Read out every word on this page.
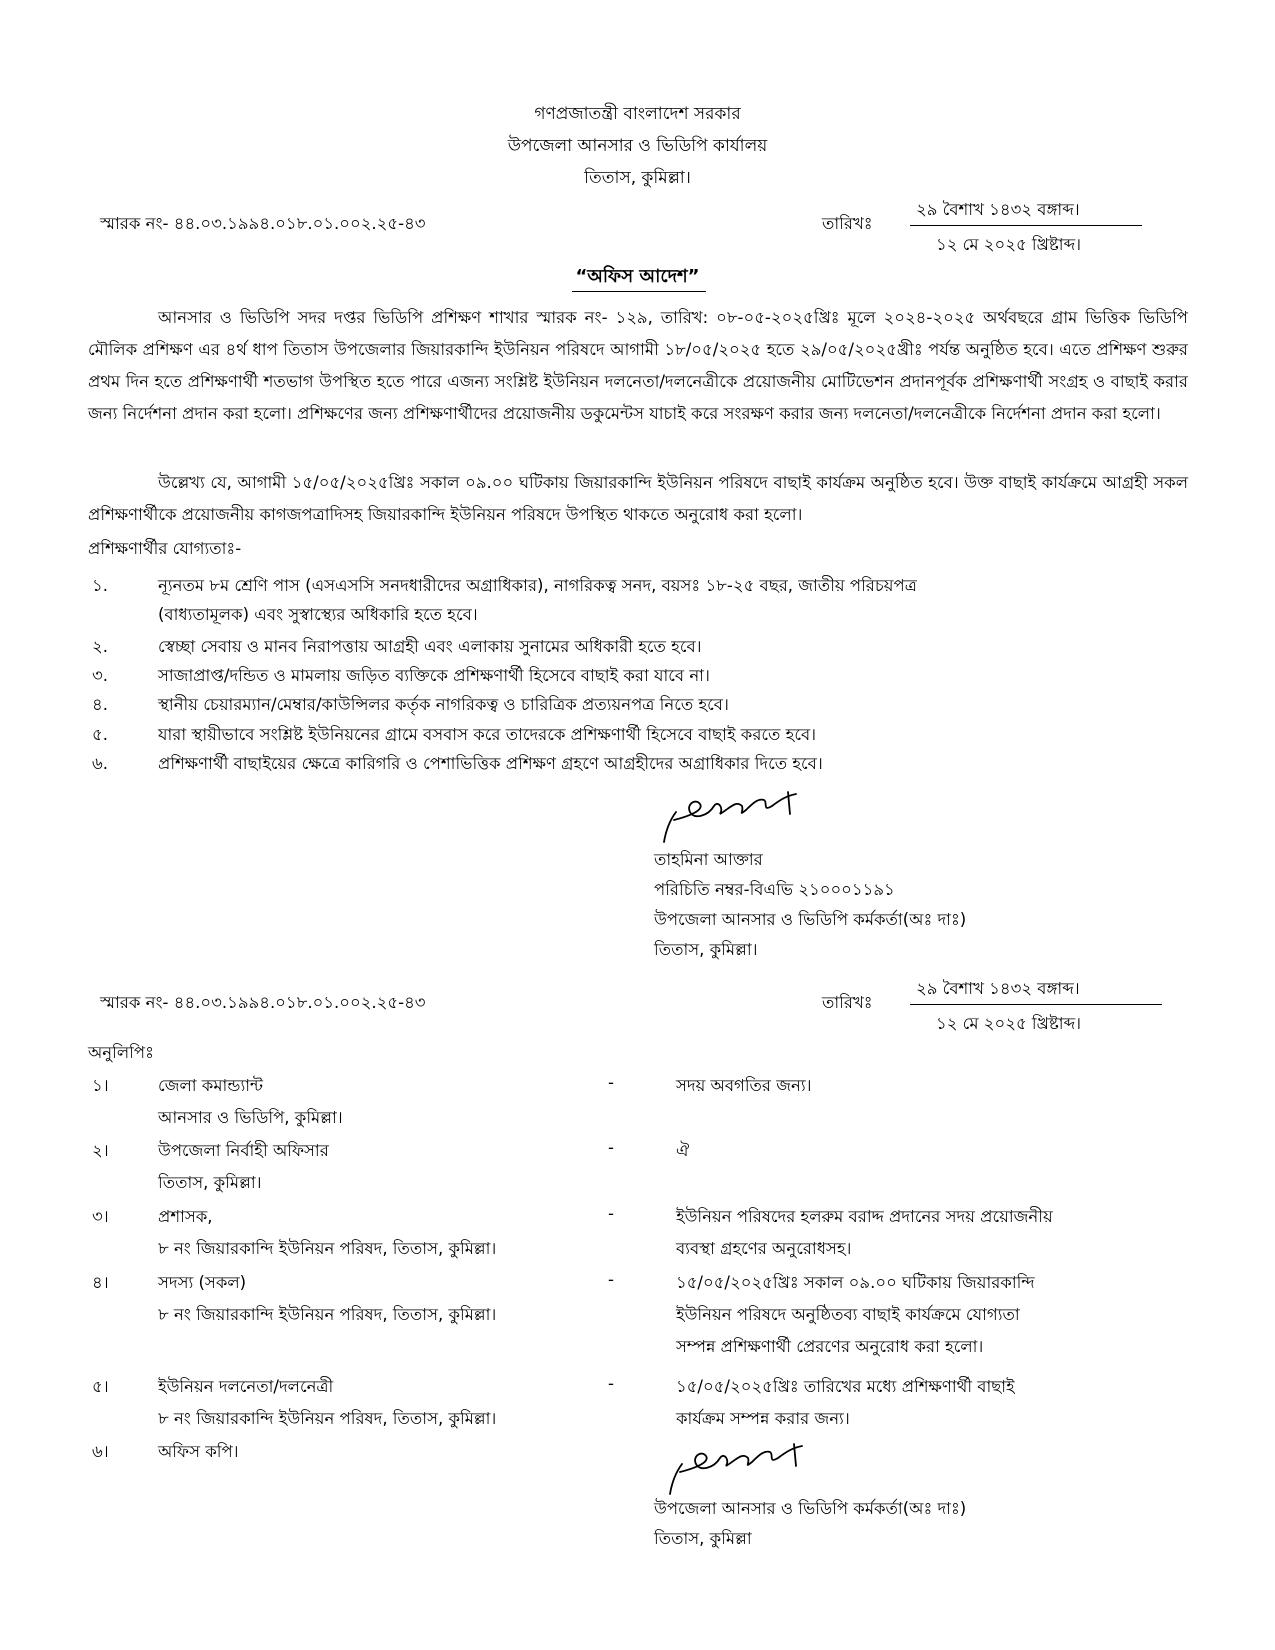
গণপ্রজাতন্ত্রী বাংলাদেশ সরকার
উপজেলা আনসার ও ভিডিপি কার্যালয়
তিতাস, কুমিল্লা।
স্মারক নং- ৪৪.০৩.১৯৯৪.০১৮.০১.০০২.২৫-৪৩	তারিখঃ
২৯ বৈশাখ ১৪৩২ বঙ্গাব্দ।
১২ মে ২০২৫ খ্রিষ্টাব্দ।
“অফিস আদেশ”
আনসার ও ভিডিপি সদর দপ্তর ভিডিপি প্রশিক্ষণ শাখার স্মারক নং- ১২৯, তারিখ: ০৮-০৫-২০২৫খ্রিঃ মূলে ২০২৪-২০২৫ অর্থবছরে গ্রাম ভিত্তিক ভিডিপি মৌলিক প্রশিক্ষণ এর ৪র্থ ধাপ তিতাস উপজেলার জিয়ারকান্দি ইউনিয়ন পরিষদে আগামী ১৮/০৫/২০২৫ হতে ২৯/০৫/২০২৫খ্রীঃ পর্যন্ত অনুষ্ঠিত হবে। এতে প্রশিক্ষণ শুরুর প্রথম দিন হতে প্রশিক্ষণার্থী শতভাগ উপস্থিত হতে পারে এজন্য সংশ্লিষ্ট ইউনিয়ন দলনেতা/দলনেত্রীকে প্রয়োজনীয় মোটিভেশন প্রদানপূর্বক প্রশিক্ষণার্থী সংগ্রহ ও বাছাই করার জন্য নির্দেশনা প্রদান করা হলো। প্রশিক্ষণের জন্য প্রশিক্ষণার্থীদের প্রয়োজনীয় ডকুমেন্টস যাচাই করে সংরক্ষণ করার জন্য দলনেতা/দলনেত্রীকে নির্দেশনা প্রদান করা হলো।
উল্লেখ্য যে, আগামী ১৫/০৫/২০২৫খ্রিঃ সকাল ০৯.০০ ঘটিকায় জিয়ারকান্দি ইউনিয়ন পরিষদে বাছাই কার্যক্রম অনুষ্ঠিত হবে। উক্ত বাছাই কার্যক্রমে আগ্রহী সকল প্রশিক্ষণার্থীকে প্রয়োজনীয় কাগজপত্রাদিসহ জিয়ারকান্দি ইউনিয়ন পরিষদে উপস্থিত থাকতে অনুরোধ করা হলো।
প্রশিক্ষণার্থীর যোগ্যতাঃ-
১.	ন্যূনতম ৮ম শ্রেণি পাস (এসএসসি সনদধারীদের অগ্রাধিকার), নাগরিকত্ব সনদ, বয়সঃ ১৮-২৫ বছর, জাতীয় পরিচয়পত্র
(বাধ্যতামূলক) এবং সুস্বাস্থ্যের অধিকারি হতে হবে।
২.	স্বেচ্ছা সেবায় ও মানব নিরাপত্তায় আগ্রহী এবং এলাকায় সুনামের অধিকারী হতে হবে।
৩.	সাজাপ্রাপ্ত/দন্ডিত ও মামলায় জড়িত ব্যক্তিকে প্রশিক্ষণার্থী হিসেবে বাছাই করা যাবে না।
৪.	স্থানীয় চেয়ারম্যান/মেম্বার/কাউন্সিলর কর্তৃক নাগরিকত্ব ও চারিত্রিক প্রত্যয়নপত্র নিতে হবে।
৫.	যারা স্থায়ীভাবে সংশ্লিষ্ট ইউনিয়নের গ্রামে বসবাস করে তাদেরকে প্রশিক্ষণার্থী হিসেবে বাছাই করতে হবে।
৬.	প্রশিক্ষণার্থী বাছাইয়ের ক্ষেত্রে কারিগরি ও পেশাভিত্তিক প্রশিক্ষণ গ্রহণে আগ্রহীদের অগ্রাধিকার দিতে হবে।
তাহমিনা আক্তার
পরিচিতি নম্বর-বিএভি ২১০০০১১৯১
উপজেলা আনসার ও ভিডিপি কর্মকর্তা(অঃ দাঃ)
তিতাস, কুমিল্লা।
স্মারক নং- ৪৪.০৩.১৯৯৪.০১৮.০১.০০২.২৫-৪৩	তারিখঃ
২৯ বৈশাখ ১৪৩২ বঙ্গাব্দ।
১২ মে ২০২৫ খ্রিষ্টাব্দ।
অনুলিপিঃ
১।	জেলা কমান্ড্যান্ট
আনসার ও ভিডিপি, কুমিল্লা।
-	সদয় অবগতির জন্য।
২।	উপজেলা নির্বাহী অফিসার
তিতাস, কুমিল্লা।
-	ঐ
৩।	প্রশাসক,
৮ নং জিয়ারকান্দি ইউনিয়ন পরিষদ, তিতাস, কুমিল্লা।
-	ইউনিয়ন পরিষদের হলরুম বরাদ্দ প্রদানের সদয় প্রয়োজনীয়
ব্যবস্থা গ্রহণের অনুরোধসহ।
৪।	সদস্য (সকল)
৮ নং জিয়ারকান্দি ইউনিয়ন পরিষদ, তিতাস, কুমিল্লা।
-	১৫/০৫/২০২৫খ্রিঃ সকাল ০৯.০০ ঘটিকায় জিয়ারকান্দি
ইউনিয়ন পরিষদে অনুষ্ঠিতব্য বাছাই কার্যক্রমে যোগ্যতা
সম্পন্ন প্রশিক্ষণার্থী প্রেরণের অনুরোধ করা হলো।
৫।	ইউনিয়ন দলনেতা/দলনেত্রী
৮ নং জিয়ারকান্দি ইউনিয়ন পরিষদ, তিতাস, কুমিল্লা।
-	১৫/০৫/২০২৫খ্রিঃ তারিখের মধ্যে প্রশিক্ষণার্থী বাছাই
কার্যক্রম সম্পন্ন করার জন্য।
৬।	অফিস কপি।
উপজেলা আনসার ও ভিডিপি কর্মকর্তা(অঃ দাঃ)
তিতাস, কুমিল্লা
